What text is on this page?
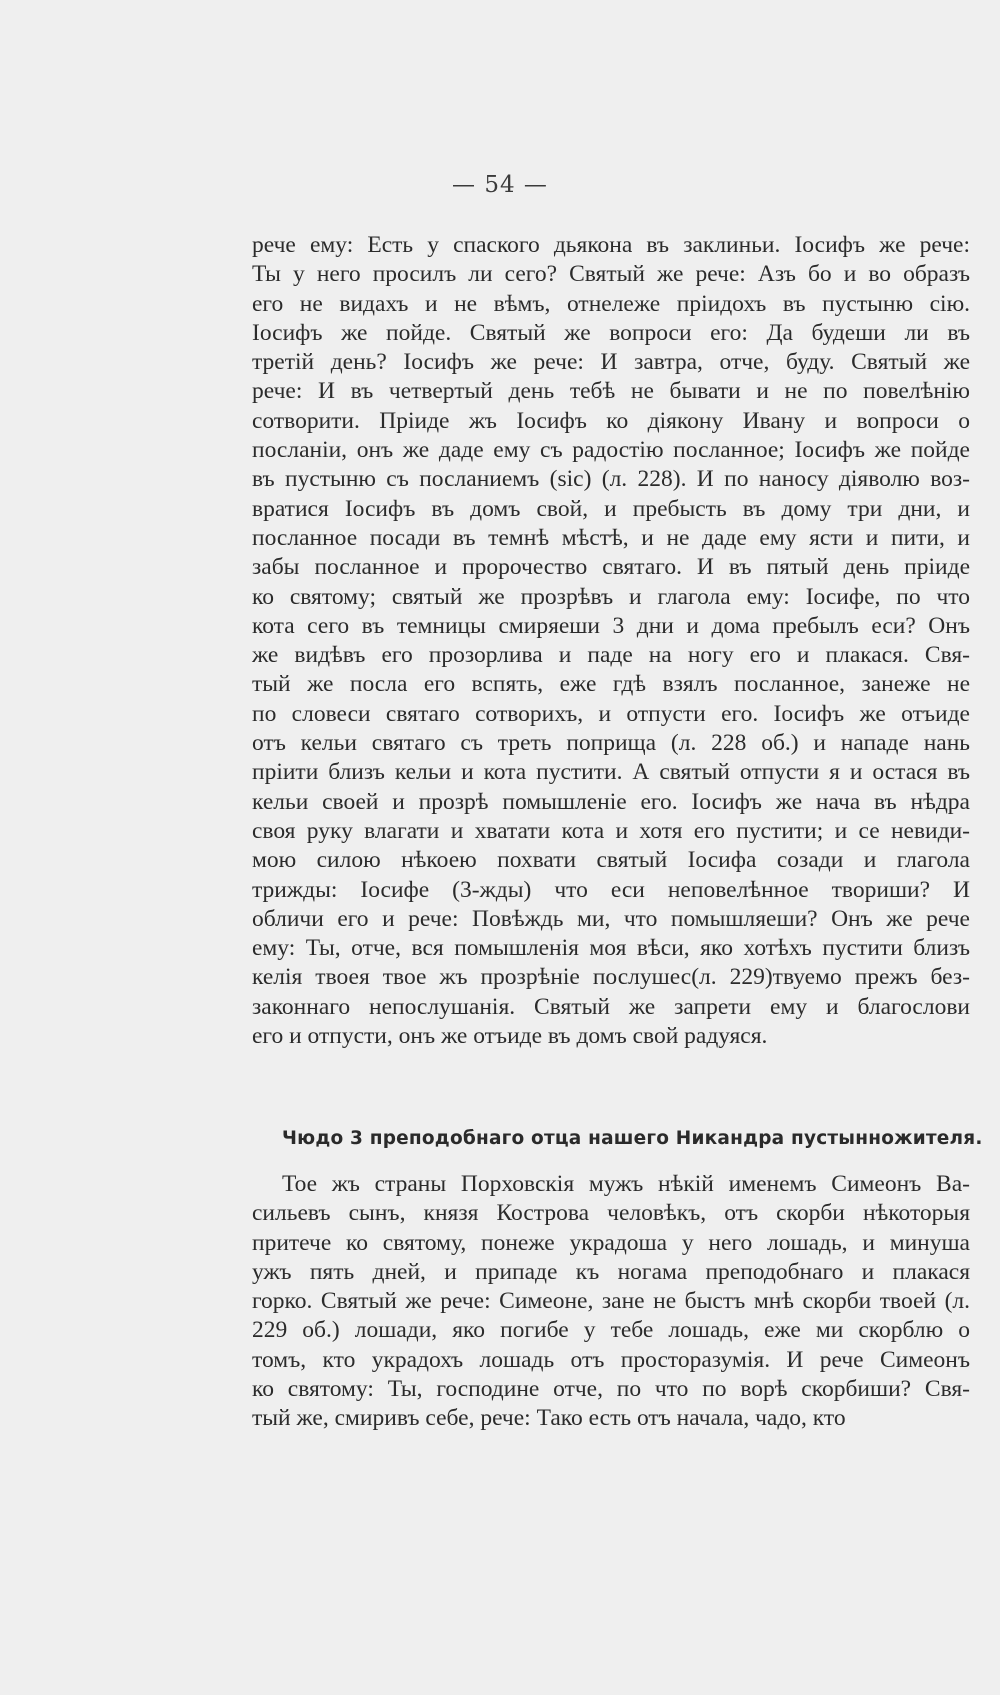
— 54 —
рече ему: Есть у спаского дьякона въ заклиньи. Іосифъ же рече:
Ты у него просилъ ли сего? Святый же рече: Азъ бо и во образъ
его не видахъ и не вѣмъ, отнележе пріидохъ въ пустыню сію.
Іосифъ же пойде. Святый же вопроси его: Да будеши ли въ
третій день? Іосифъ же рече: И завтра, отче, буду. Святый же
рече: И въ четвертый день тебѣ не бывати и не по повелѣнію
сотворити. Пріиде жъ Іосифъ ко діякону Ивану и вопроси о
посланіи, онъ же даде ему съ радостію посланное; Іосифъ же пойде
въ пустыню съ посланиемъ (sic) (л. 228). И по наносу діяволю воз-
вратися Іосифъ въ домъ свой, и пребысть въ дому три дни, и
посланное посади въ темнѣ мѣстѣ, и не даде ему ясти и пити, и
забы посланное и пророчество святаго. И въ пятый день пріиде
ко святому; святый же прозрѣвъ и глагола ему: Іосифе, по что
кота сего въ темницы смиряеши 3 дни и дома пребылъ еси? Онъ
же видѣвъ его прозорлива и паде на ногу его и плакася. Свя-
тый же посла его вспять, еже гдѣ взялъ посланное, занеже не
по словеси святаго сотворихъ, и отпусти его. Іосифъ же отъиде
отъ кельи святаго съ треть поприща (л. 228 об.) и нападе нань
пріити близъ кельи и кота пустити. А святый отпусти я и остася въ
кельи своей и прозрѣ помышленіе его. Іосифъ же нача въ нѣдра
своя руку влагати и хватати кота и хотя его пустити; и се невиди-
мою силою нѣкоею похвати святый Іосифа созади и глагола
трижды: Іосифе (3-жды) что еси неповелѣнное твориши? И
обличи его и рече: Повѣждь ми, что помышляеши? Онъ же рече
ему: Ты, отче, вся помышленія моя вѣси, яко хотѣхъ пустити близъ
келія твоея твое жъ прозрѣніе послушес(л. 229)твуемо прежъ без-
законнаго непослушанія. Святый же запрети ему и благослови
его и отпусти, онъ же отъиде въ домъ свой радуяся.
Чюдо 3 преподобнаго отца нашего Никандра пустынножителя.
Тое жъ страны Порховскія мужъ нѣкій именемъ Симеонъ Ва-
сильевъ сынъ, князя Кострова человѣкъ, отъ скорби нѣкоторыя
притече ко святому, понеже украдоша у него лошадь, и минуша
ужъ пять дней, и припаде къ ногама преподобнаго и плакася
горко. Святый же рече: Симеоне, зане не быстъ мнѣ скорби твоей (л.
229 об.) лошади, яко погибе у тебе лошадь, еже ми скорблю о
томъ, кто украдохъ лошадь отъ простоpазумія. И рече Симеонъ
ко святому: Ты, господине отче, по что по ворѣ скорбиши? Свя-
тый же, смиривъ себе, рече: Тако есть отъ начала, чадо, кто
